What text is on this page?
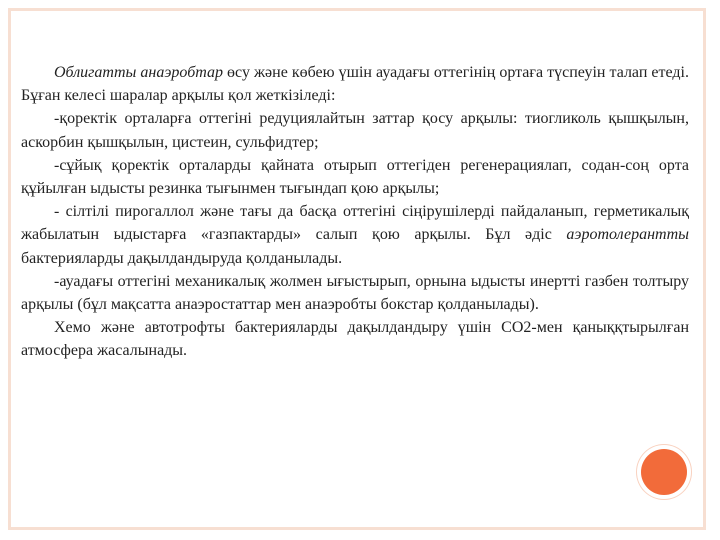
Облигатты анаэробтар өсу және көбею үшін ауадағы оттегінің ортаға түспеуін талап етеді. Бұған келесі шаралар арқылы қол жеткізіледі:

-қоректік орталарға оттегіні редуциялайтын заттар қосу арқылы: тиогликоль қышқылын, аскорбин қышқылын, цистеин, сульфидтер;

-сұйық қоректік орталарды қайната отырып оттегіден регенерациялап, содан-соң орта құйылған ыдысты резинка тығынмен тығындап қою арқылы;

- сілтілі пирогаллол және тағы да басқа оттегіні сіңірушілерді пайдаланып, герметикалық жабылатын ыдыстарға «газпактарды» салып қою арқылы. Бұл әдіс аэротолерантты бактерияларды дақылдандыруда қолданылады.

-ауадағы оттегіні механикалық жолмен ығыстырып, орнына ыдысты инертті газбен толтыру арқылы (бұл мақсатта анаэростаттар мен анаэробты бокстар қолданылады).

Хемо және автотрофты бактерияларды дақылдандыру үшін СО2-мен қаныққтырылған атмосфера жасалынады.
